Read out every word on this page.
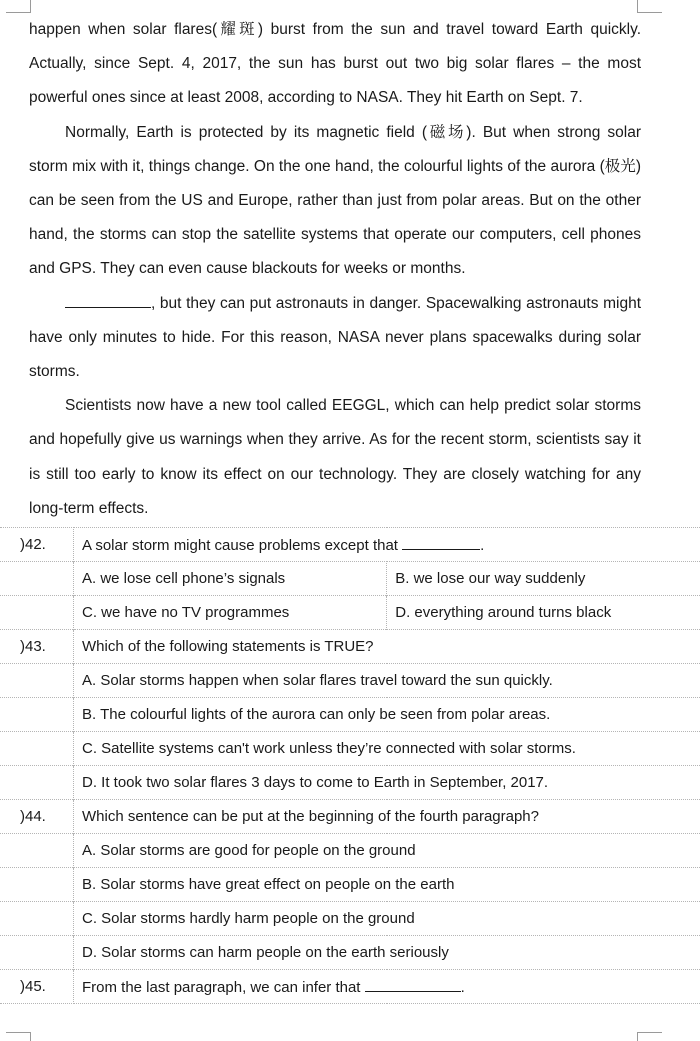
happen when solar flares(耀斑) burst from the sun and travel toward Earth quickly. Actually, since Sept. 4, 2017, the sun has burst out two big solar flares – the most powerful ones since at least 2008, according to NASA. They hit Earth on Sept. 7.

Normally, Earth is protected by its magnetic field (磁场). But when strong solar storm mix with it, things change. On the one hand, the colourful lights of the aurora (极光) can be seen from the US and Europe, rather than just from polar areas. But on the other hand, the storms can stop the satellite systems that operate our computers, cell phones and GPS. They can even cause blackouts for weeks or months.

, but they can put astronauts in danger. Spacewalking astronauts might have only minutes to hide. For this reason, NASA never plans spacewalks during solar storms.

Scientists now have a new tool called EEGGL, which can help predict solar storms and hopefully give us warnings when they arrive. As for the recent storm, scientists say it is still too early to know its effect on our technology. They are closely watching for any long-term effects.

)42.	A solar storm might cause problems except that .	
	A. we lose cell phone’s signals	B. we lose our way suddenly
	C. we have no TV programmes	D. everything around turns black
)43.	Which of the following statements is TRUE?	
	A. Solar storms happen when solar flares travel toward the sun quickly.	
	B. The colourful lights of the aurora can only be seen from polar areas.	
	C. Satellite systems can't work unless they’re connected with solar storms.	
	D. It took two solar flares 3 days to come to Earth in September, 2017.	
)44.	Which sentence can be put at the beginning of the fourth paragraph?	
	A. Solar storms are good for people on the ground	
	B. Solar storms have great effect on people on the earth	
	C. Solar storms hardly harm people on the ground	
	D. Solar storms can harm people on the earth seriously	
)45.	From the last paragraph, we can infer that .	
